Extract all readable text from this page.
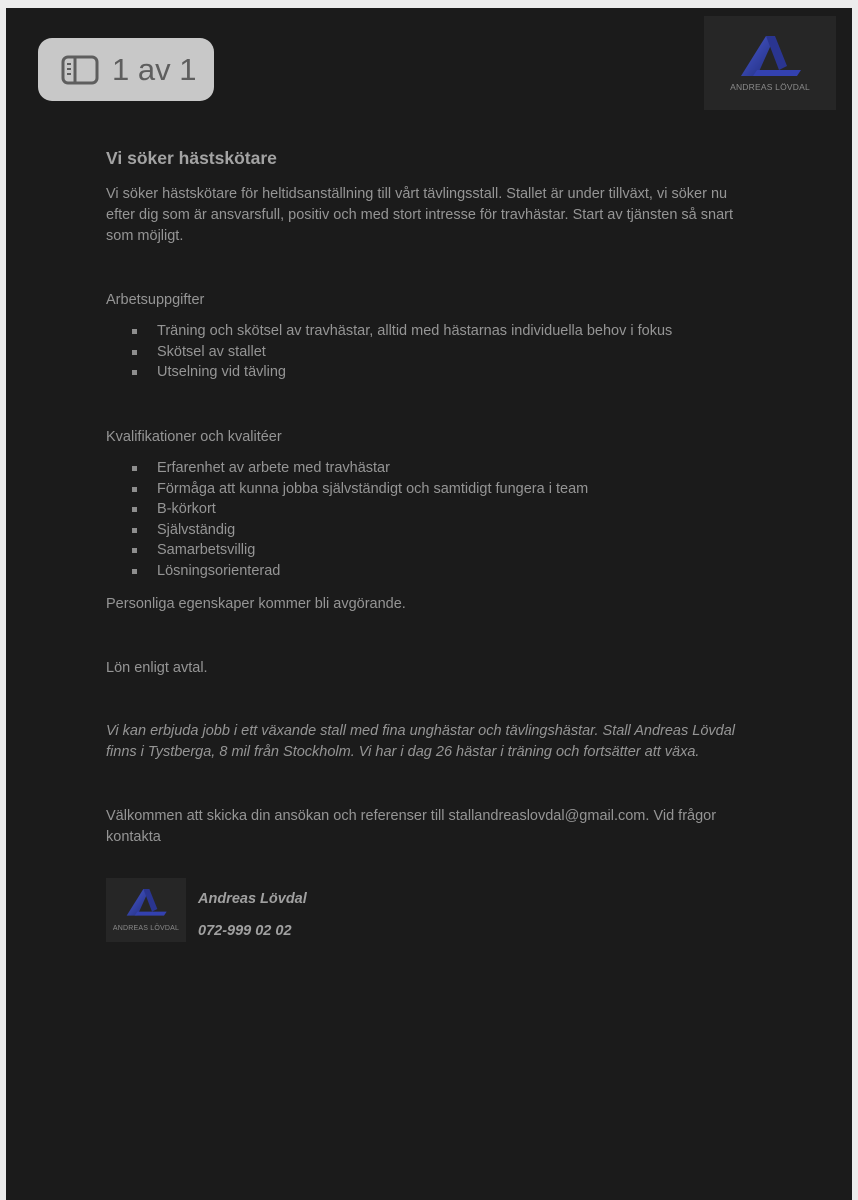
ANDREAS LÖVDAL
Vi söker hästskötare
Vi söker hästskötare för heltidsanställning till vårt tävlingsstall. Stallet är under tillväxt, vi söker nu efter dig som är ansvarsfull, positiv och med stort intresse för travhästar. Start av tjänsten så snart som möjligt.
Arbetsuppgifter
Träning och skötsel av travhästar, alltid med hästarnas individuella behov i fokus
Skötsel av stallet
Utselning vid tävling
Kvalifikationer och kvalitéer
Erfarenhet av arbete med travhästar
Förmåga att kunna jobba självständigt och samtidigt fungera i team
B-körkort
Självständig
Samarbetsvillig
Lösningsorienterad
Personliga egenskaper kommer bli avgörande.
Lön enligt avtal.
Vi kan erbjuda jobb i ett växande stall med fina unghästar och tävlingshästar. Stall Andreas Lövdal finns i Tystberga, 8 mil från Stockholm. Vi har i dag 26 hästar i träning och fortsätter att växa.
Välkommen att skicka din ansökan och referenser till stallandreaslovdal@gmail.com. Vid frågor kontakta
ANDREAS LÖVDAL
Andreas Lövdal
072-999 02 02
1 av 1
